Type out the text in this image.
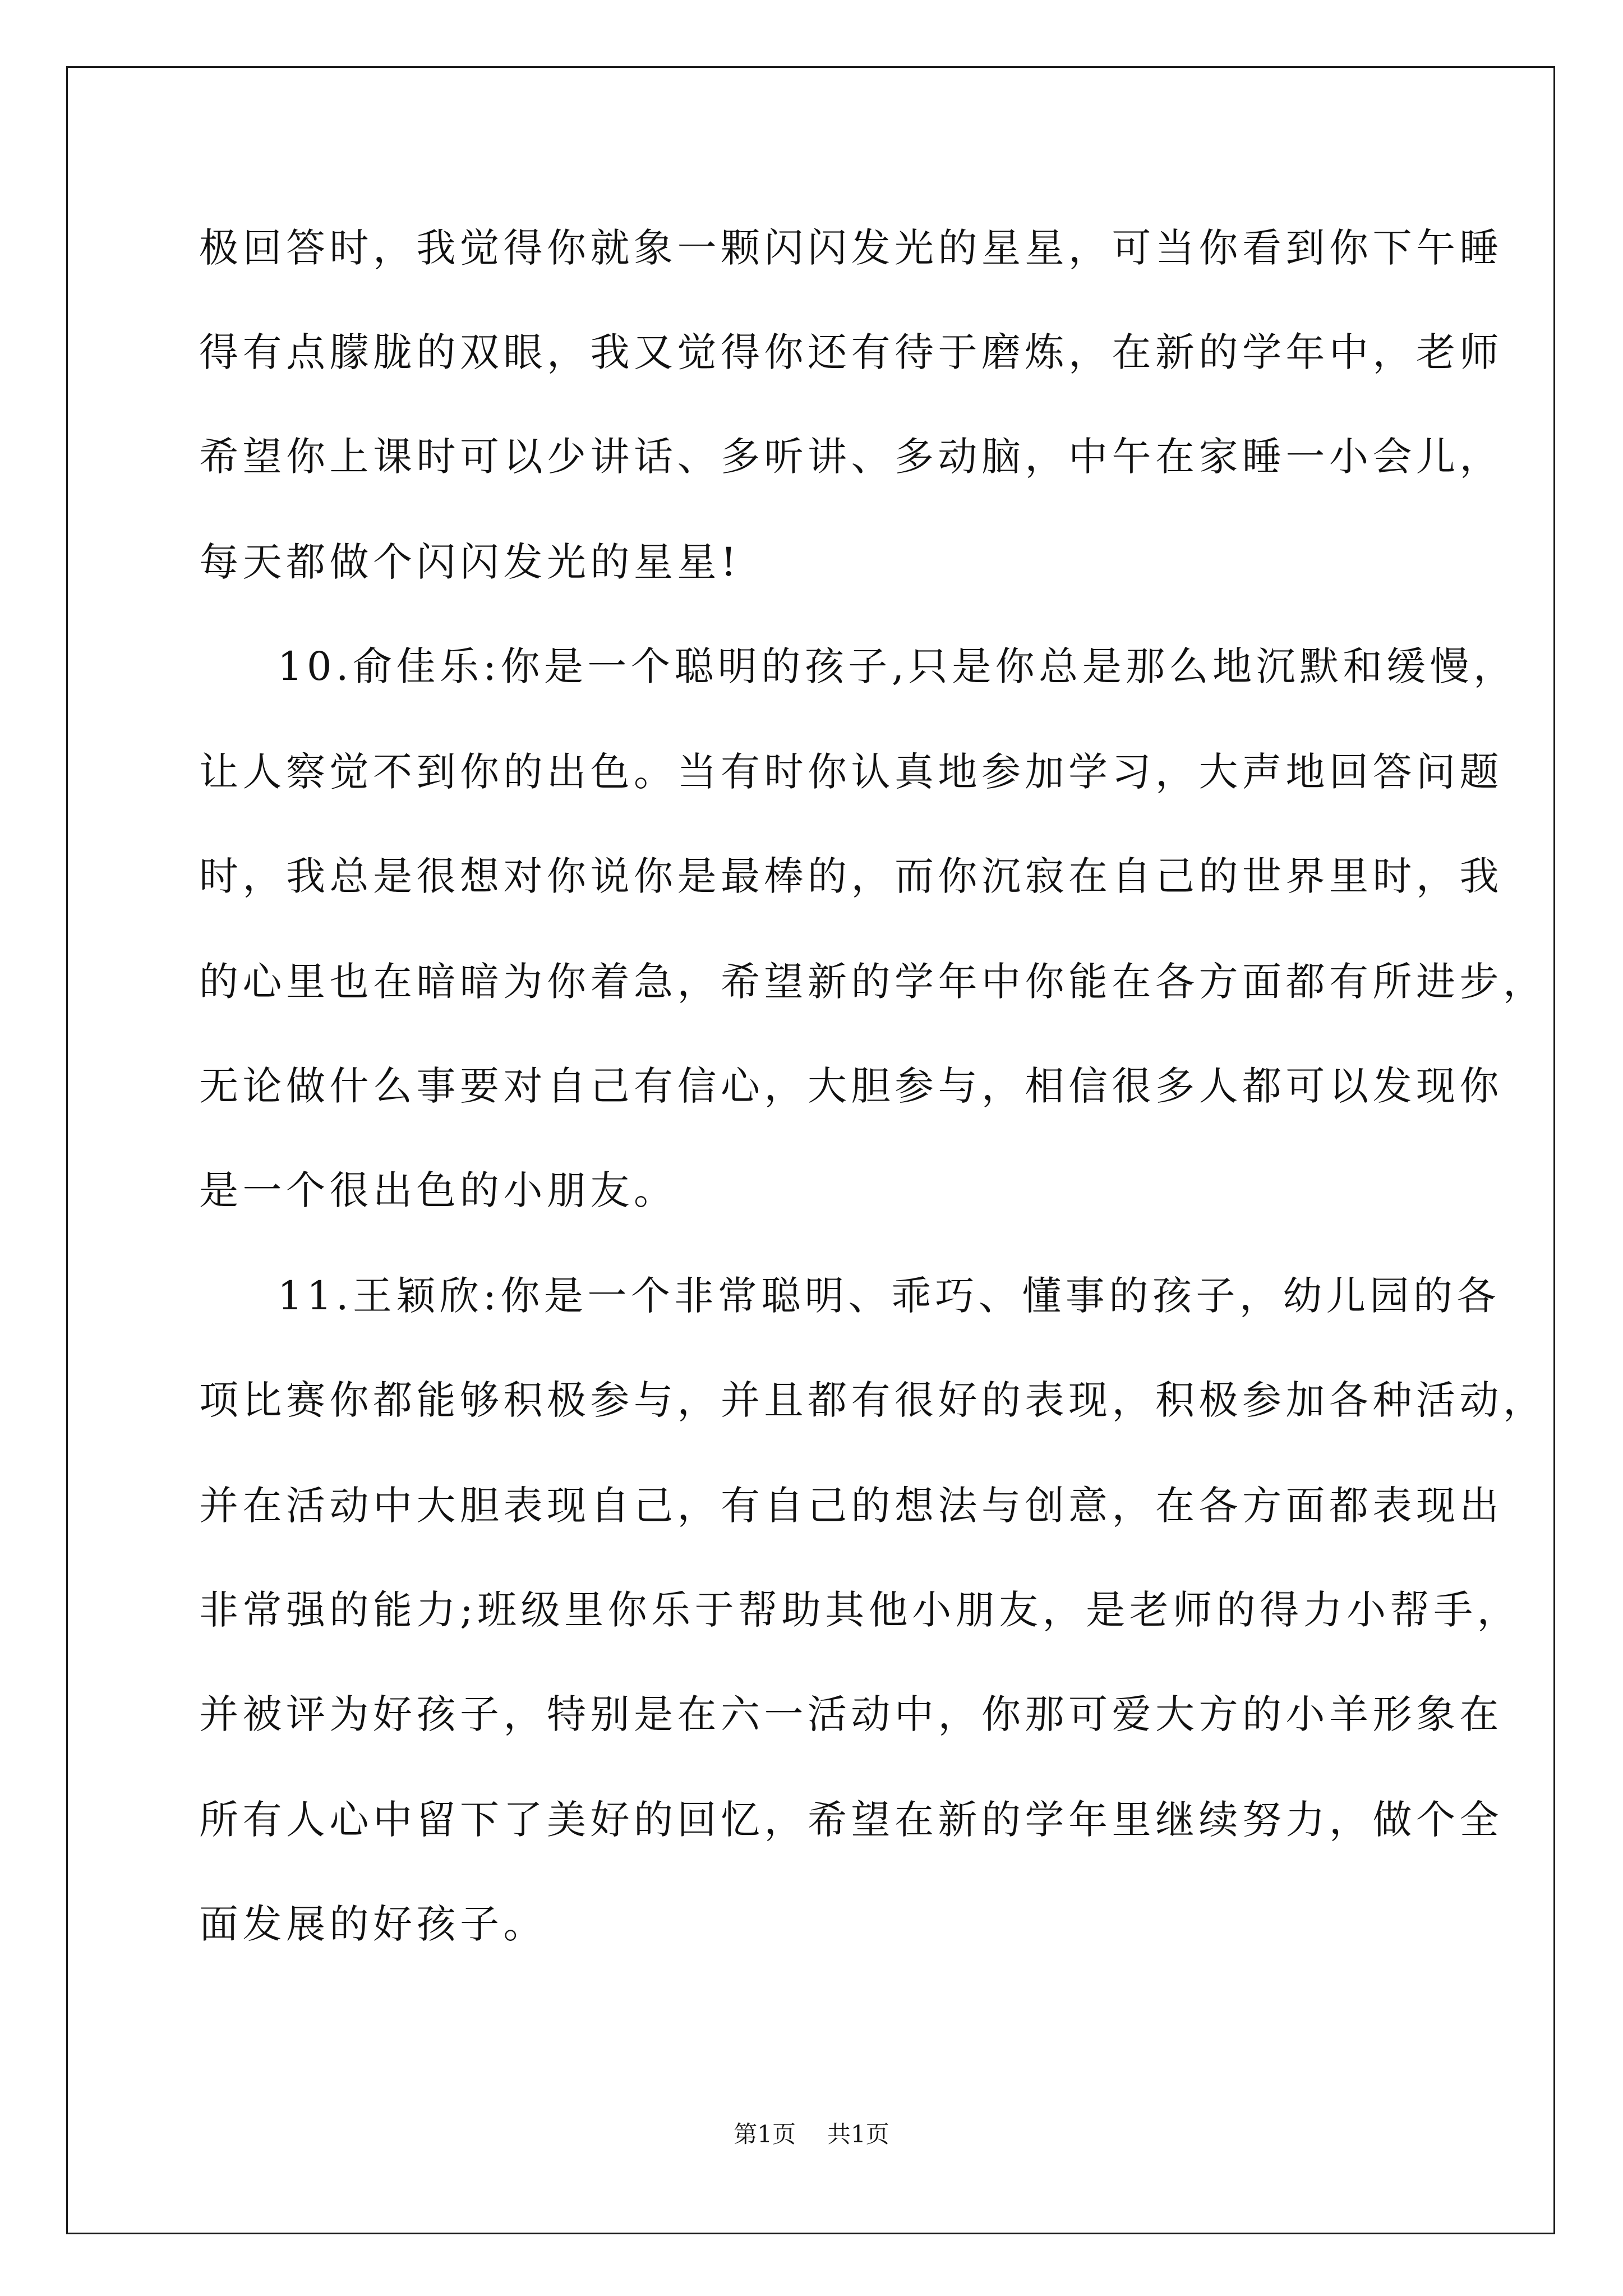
极回答时，我觉得你就象一颗闪闪发光的星星，可当你看到你下午睡
得有点朦胧的双眼，我又觉得你还有待于磨炼，在新的学年中，老师
希望你上课时可以少讲话、多听讲、多动脑，中午在家睡一小会儿，
每天都做个闪闪发光的星星!
10.俞佳乐:你是一个聪明的孩子,只是你总是那么地沉默和缓慢，
让人察觉不到你的出色。当有时你认真地参加学习，大声地回答问题
时，我总是很想对你说你是最棒的，而你沉寂在自己的世界里时，我
的心里也在暗暗为你着急，希望新的学年中你能在各方面都有所进步，
无论做什么事要对自己有信心，大胆参与，相信很多人都可以发现你
是一个很出色的小朋友。
11.王颖欣:你是一个非常聪明、乖巧、懂事的孩子，幼儿园的各
项比赛你都能够积极参与，并且都有很好的表现，积极参加各种活动，
并在活动中大胆表现自己，有自己的想法与创意，在各方面都表现出
非常强的能力;班级里你乐于帮助其他小朋友，是老师的得力小帮手，
并被评为好孩子，特别是在六一活动中，你那可爱大方的小羊形象在
所有人心中留下了美好的回忆，希望在新的学年里继续努力，做个全
面发展的好孩子。
第1页 共1页
